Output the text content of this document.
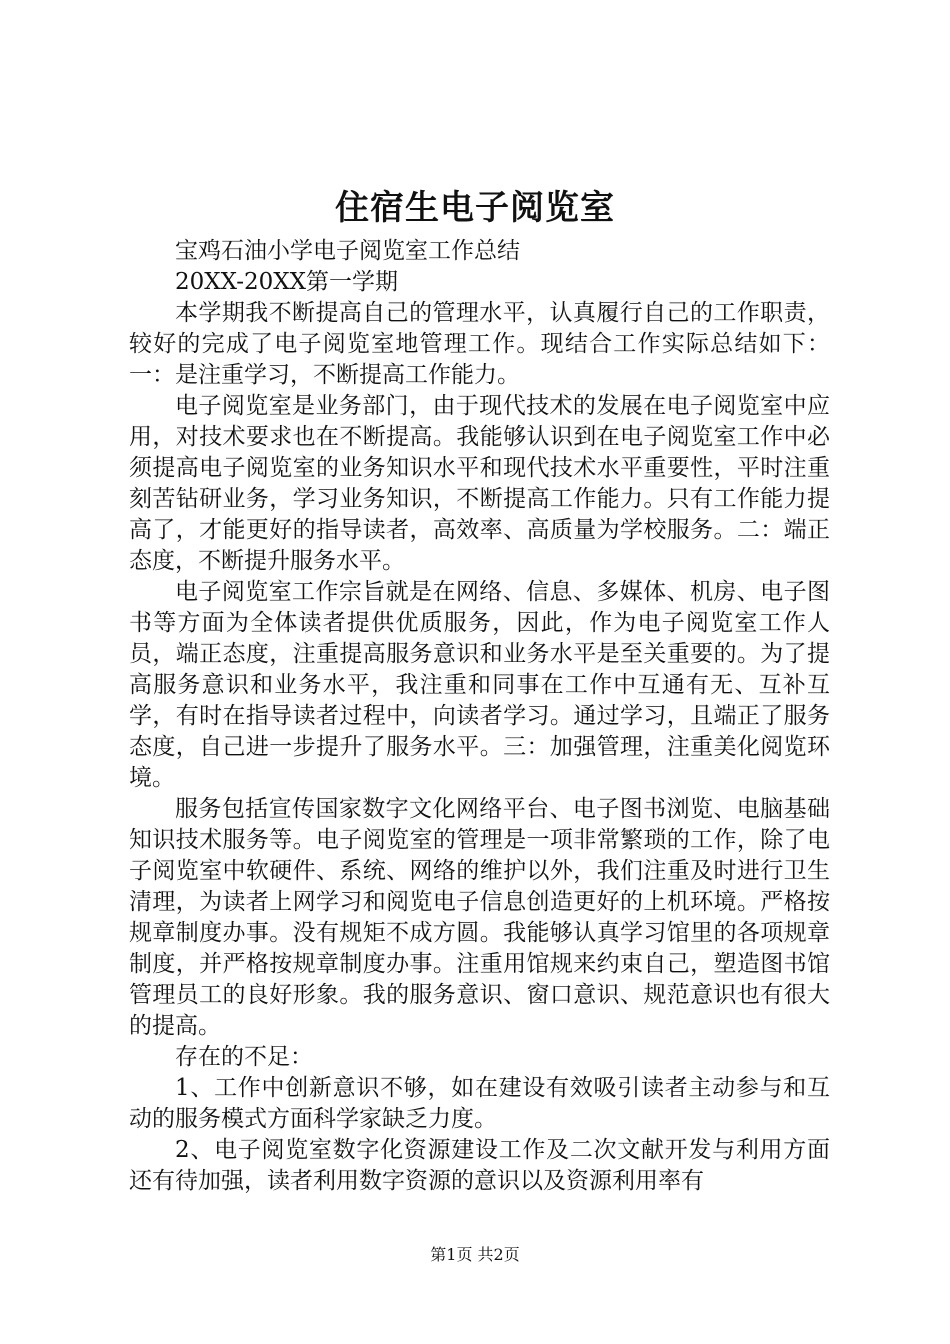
住宿生电子阅览室

宝鸡石油小学电子阅览室工作总结

20XX-20XX第一学期

本学期我不断提高自己的管理水平，认真履行自己的工作职责，较好的完成了电子阅览室地管理工作。现结合工作实际总结如下：一：是注重学习，不断提高工作能力。

电子阅览室是业务部门，由于现代技术的发展在电子阅览室中应用，对技术要求也在不断提高。我能够认识到在电子阅览室工作中必须提高电子阅览室的业务知识水平和现代技术水平重要性，平时注重刻苦钻研业务，学习业务知识，不断提高工作能力。只有工作能力提高了，才能更好的指导读者，高效率、高质量为学校服务。二：端正态度，不断提升服务水平。

电子阅览室工作宗旨就是在网络、信息、多媒体、机房、电子图书等方面为全体读者提供优质服务，因此，作为电子阅览室工作人员，端正态度，注重提高服务意识和业务水平是至关重要的。为了提高服务意识和业务水平，我注重和同事在工作中互通有无、互补互学，有时在指导读者过程中，向读者学习。通过学习，且端正了服务态度，自己进一步提升了服务水平。三：加强管理，注重美化阅览环境。

服务包括宣传国家数字文化网络平台、电子图书浏览、电脑基础知识技术服务等。电子阅览室的管理是一项非常繁琐的工作，除了电子阅览室中软硬件、系统、网络的维护以外，我们注重及时进行卫生清理，为读者上网学习和阅览电子信息创造更好的上机环境。严格按规章制度办事。没有规矩不成方圆。我能够认真学习馆里的各项规章制度，并严格按规章制度办事。注重用馆规来约束自己，塑造图书馆管理员工的良好形象。我的服务意识、窗口意识、规范意识也有很大的提高。

存在的不足：

1、工作中创新意识不够，如在建设有效吸引读者主动参与和互动的服务模式方面科学家缺乏力度。

2、电子阅览室数字化资源建设工作及二次文献开发与利用方面还有待加强，读者利用数字资源的意识以及资源利用率有

第1页 共2页
